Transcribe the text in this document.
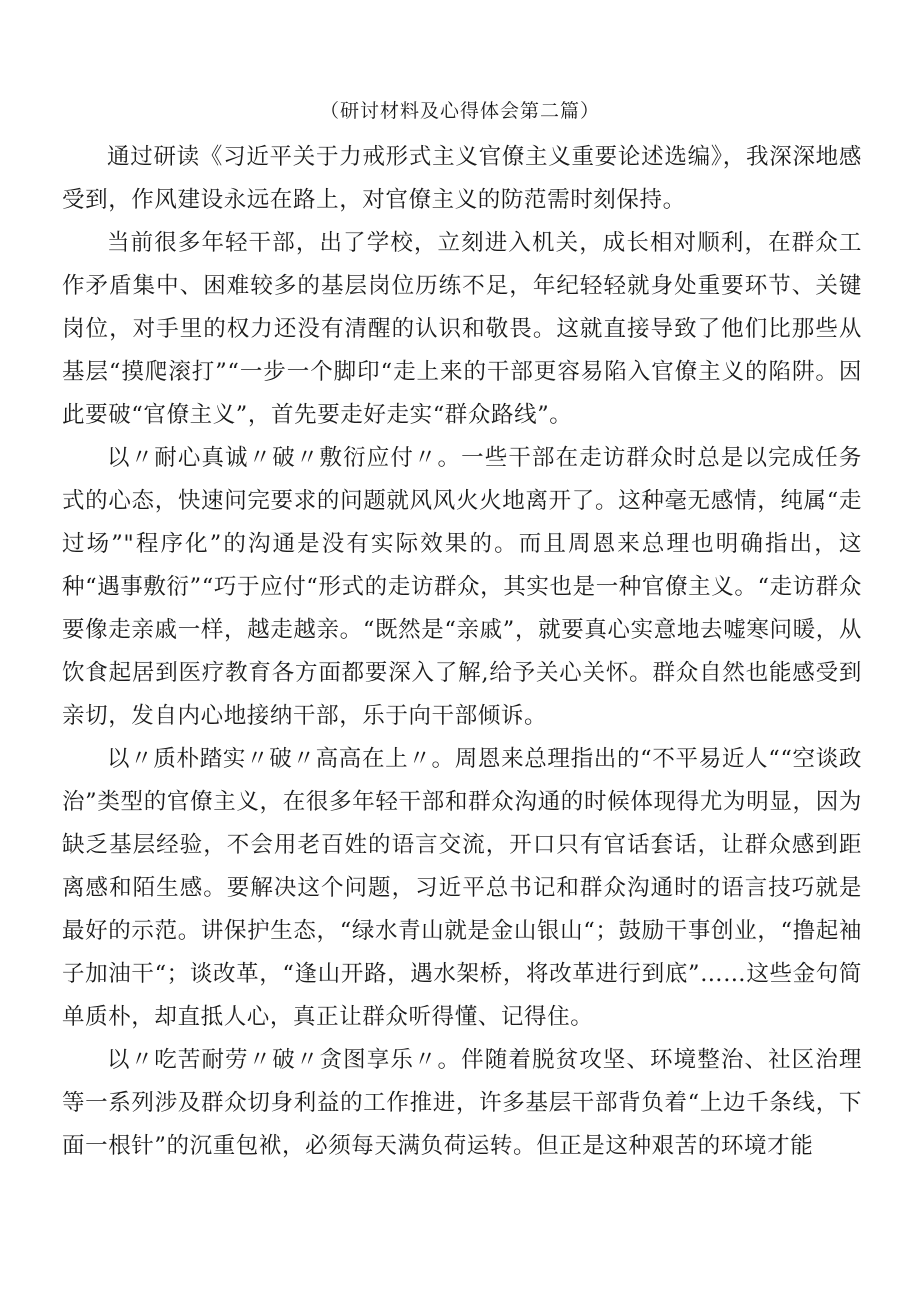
（研讨材料及心得体会第二篇）

通过研读《习近平关于力戒形式主义官僚主义重要论述选编》，我深深地感受到，作风建设永远在路上，对官僚主义的防范需时刻保持。

当前很多年轻干部，出了学校，立刻进入机关，成长相对顺利，在群众工作矛盾集中、困难较多的基层岗位历练不足，年纪轻轻就身处重要环节、关键岗位，对手里的权力还没有清醒的认识和敬畏。这就直接导致了他们比那些从基层“摸爬滚打”“一步一个脚印“走上来的干部更容易陷入官僚主义的陷阱。因此要破“官僚主义”，首先要走好走实“群众路线”。

以〃耐心真诚〃破〃敷衍应付〃。一些干部在走访群众时总是以完成任务式的心态，快速问完要求的问题就风风火火地离开了。这种毫无感情，纯属“走过场”"程序化”的沟通是没有实际效果的。而且周恩来总理也明确指出，这种“遇事敷衍”“巧于应付“形式的走访群众，其实也是一种官僚主义。“走访群众要像走亲戚一样，越走越亲。“既然是“亲戚”，就要真心实意地去嘘寒问暖，从饮食起居到医疗教育各方面都要深入了解,给予关心关怀。群众自然也能感受到亲切，发自内心地接纳干部，乐于向干部倾诉。

以〃质朴踏实〃破〃高高在上〃。周恩来总理指出的“不平易近人““空谈政治”类型的官僚主义，在很多年轻干部和群众沟通的时候体现得尤为明显，因为缺乏基层经验，不会用老百姓的语言交流，开口只有官话套话，让群众感到距离感和陌生感。要解决这个问题，习近平总书记和群众沟通时的语言技巧就是最好的示范。讲保护生态，“绿水青山就是金山银山“；鼓励干事创业，“撸起袖子加油干“；谈改革，“逢山开路，遇水架桥，将改革进行到底”……这些金句简单质朴，却直抵人心，真正让群众听得懂、记得住。

以〃吃苦耐劳〃破〃贪图享乐〃。伴随着脱贫攻坚、环境整治、社区治理等一系列涉及群众切身利益的工作推进，许多基层干部背负着“上边千条线，下面一根针”的沉重包袱，必须每天满负荷运转。但正是这种艰苦的环境才能
